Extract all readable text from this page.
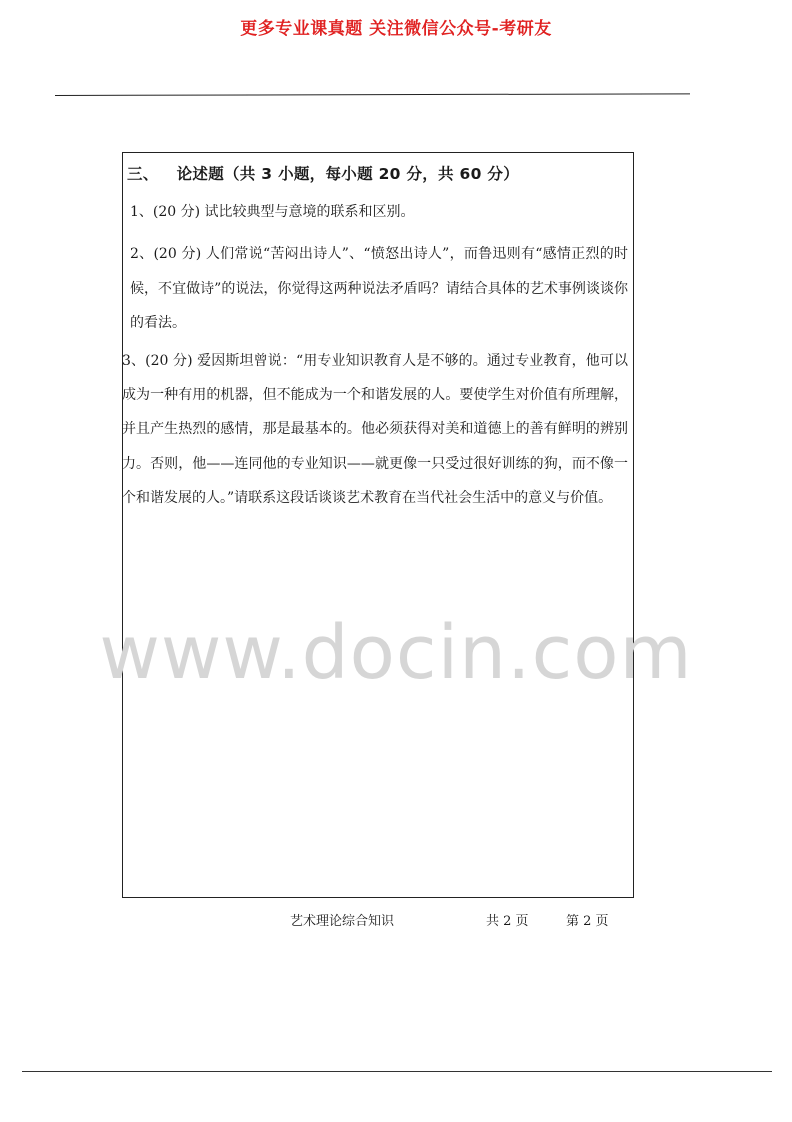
更多专业课真题 关注微信公众号-考研友
三、 论述题（共 3 小题，每小题 20 分，共 60 分）
1、(20 分) 试比较典型与意境的联系和区别。

2、(20 分) 人们常说“苦闷出诗人”、“愤怒出诗人”，而鲁迅则有“感情正烈的时候，不宜做诗”的说法，你觉得这两种说法矛盾吗？请结合具体的艺术事例谈谈你的看法。

3、(20 分) 爱因斯坦曾说：“用专业知识教育人是不够的。通过专业教育，他可以成为一种有用的机器，但不能成为一个和谐发展的人。要使学生对价值有所理解，并且产生热烈的感情，那是最基本的。他必须获得对美和道德上的善有鲜明的辨别力。否则，他——连同他的专业知识——就更像一只受过很好训练的狗，而不像一个和谐发展的人。”请联系这段话谈谈艺术教育在当代社会生活中的意义与价值。

www.docin.com
艺术理论综合知识	共 2 页	第 2 页
